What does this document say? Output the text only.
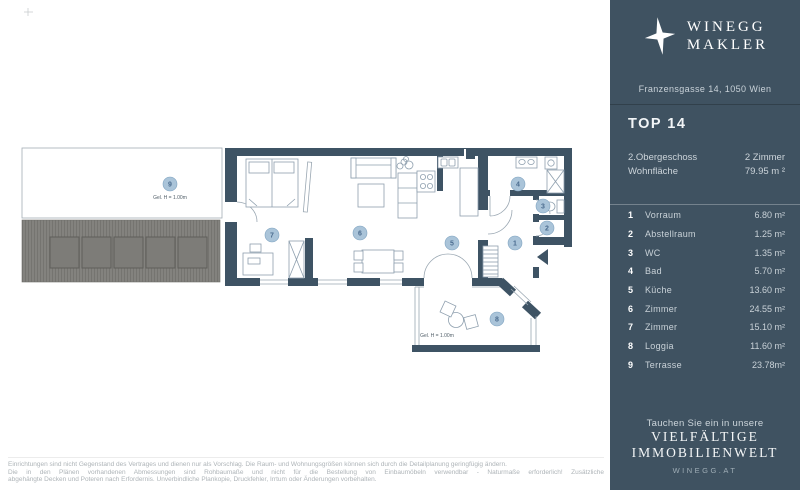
1
2
3
4
5
6
7
8
9
Gel. H = 1.00m
Gel. H = 1.00m
Einrichtungen sind nicht Gegenstand des Vertrages und dienen nur als Vorschlag. Die Raum- und Wohnungsgrößen können sich durch die Detailplanung geringfügig ändern.
Die in den Plänen vorhandenen Abmessungen sind Rohbaumaße und nicht für die Bestellung von Einbaumöbeln verwendbar - Naturmaße erforderlich! Zusätzliche
abgehängte Decken und Poteren nach Erfordernis. Unverbindliche Plankopie, Druckfehler, Irrtum oder Änderungen vorbehalten.
WINEGG
MAKLER
Franzensgasse 14, 1050 Wien
TOP 14
2.Obergeschoss	2 Zimmer
Wohnfläche	79.95 m ²
1	Vorraum	6.80 m²
2	Abstellraum	1.25 m²
3	WC	1.35 m²
4	Bad	5.70 m²
5	Küche	13.60 m²
6	Zimmer	24.55 m²
7	Zimmer	15.10 m²
8	Loggia	11.60 m²
9	Terrasse	23.78m²
Tauchen Sie ein in unsere
VIELFÄLTIGE
IMMOBILIENWELT
WINEGG.AT
